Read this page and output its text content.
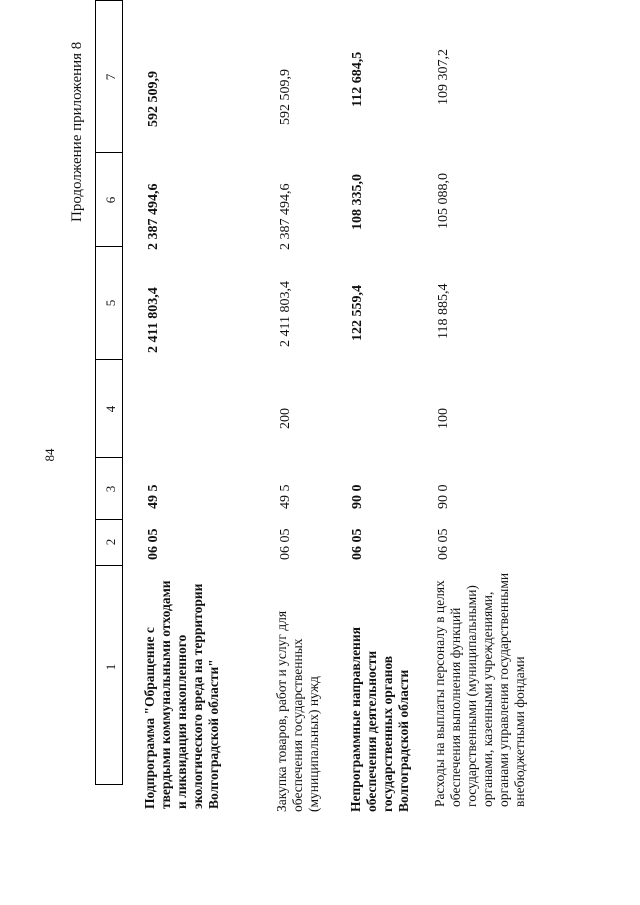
84
Продолжение приложения 8
1
2
3
4
5
6
7
Подпрограмма "Обращение с твердыми коммунальными отходами и ликвидация накопленного экологического вреда на территории Волгоградской области"
06 05
49 5
2 411 803,4
2 387 494,6
592 509,9
Закупка товаров, работ и услуг для обеспечения государственных (муниципальных) нужд
06 05
49 5
200
2 411 803,4
2 387 494,6
592 509,9
Непрограммные направления обеспечения деятельности государственных органов Волгоградской области
06 05
90 0
122 559,4
108 335,0
112 684,5
Расходы на выплаты персоналу в целях обеспечения выполнения функций государственными (муниципальными) органами, казенными учреждениями, органами управления государственными внебюджетными фондами
06 05
90 0
100
118 885,4
105 088,0
109 307,2
